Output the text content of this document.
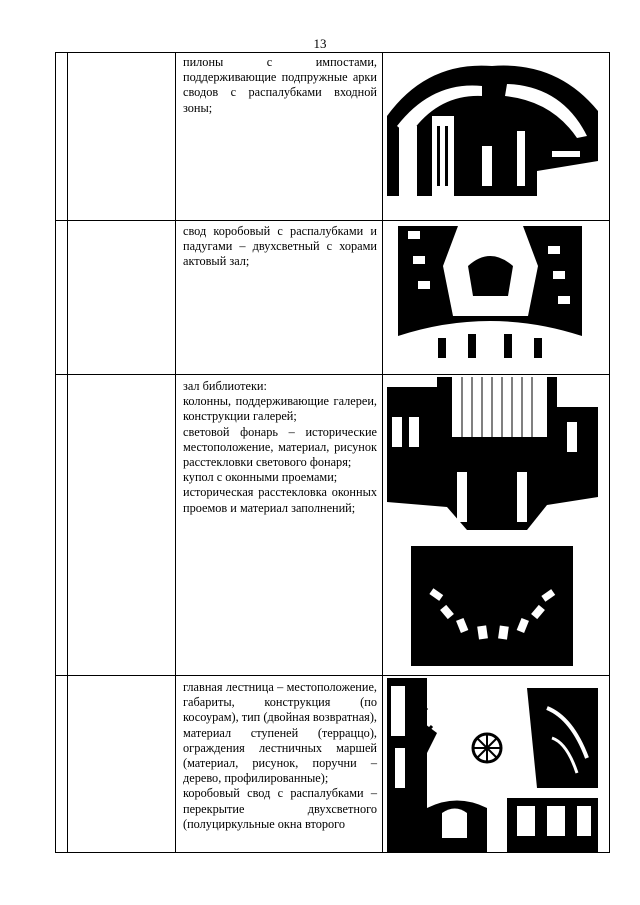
13

пилоны с импостами, поддерживающие подпружные арки сводов с распалубками входной зоны;

свод коробовый с распалубками и падугами – двухсветный с хорами актовый зал;

зал библиотеки:

колонны, поддерживающие галереи, конструкции галерей;

световой фонарь – исторические местоположение, материал, рисунок расстекловки светового фонаря;

купол с оконными проемами;

историческая расстекловка оконных проемов и материал заполнений;

главная лестница – местоположение, габариты, конструкция (по косоурам), тип (двойная возвратная), материал ступеней (терраццо), ограждения лестничных маршей (материал, рисунок, поручни – дерево, профилированные);

коробовый свод с распалубками – перекрытие двухсветного (полуциркульные окна второго
